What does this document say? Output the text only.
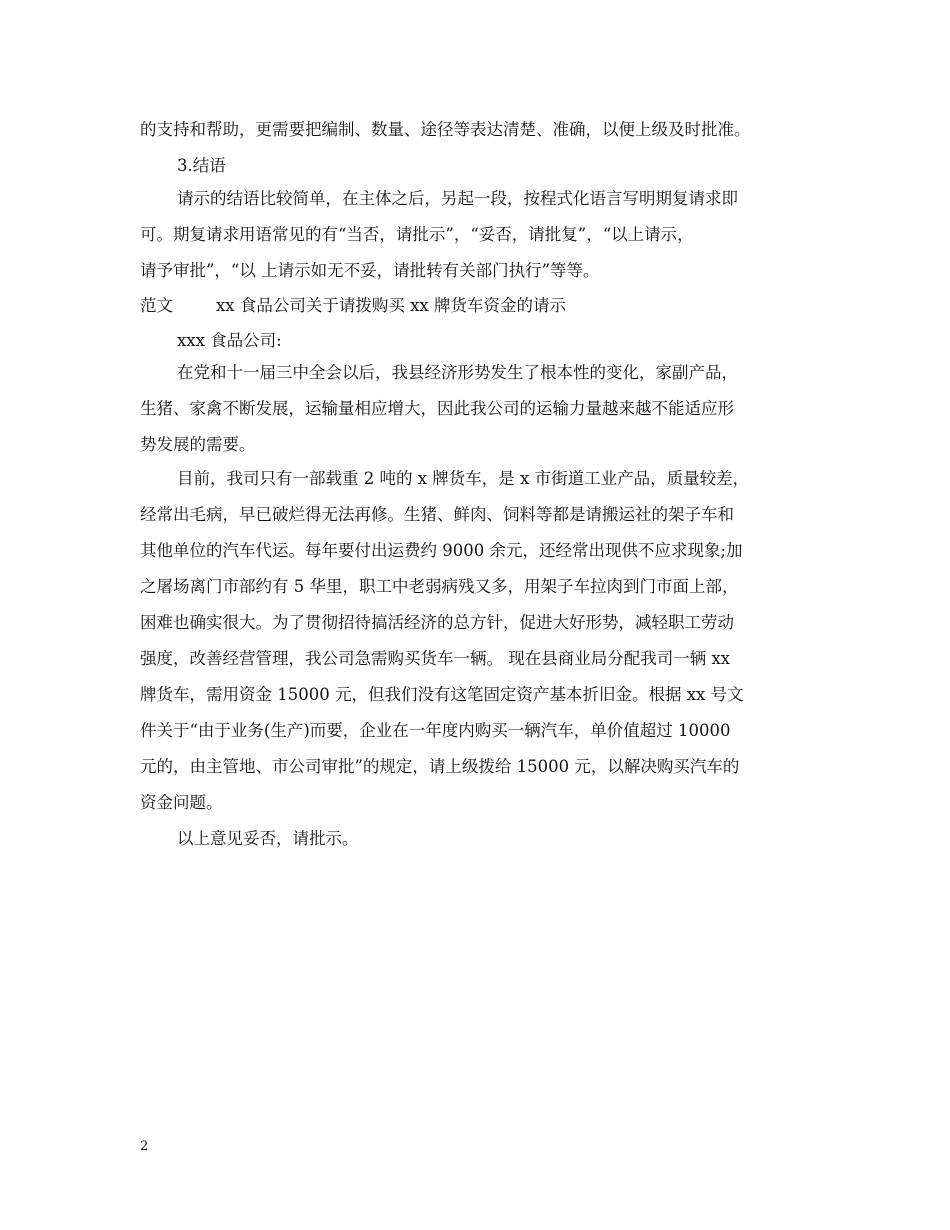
的支持和帮助，更需要把编制、数量、途径等表达清楚、准确，以便上级及时批准。

3.结语

请示的结语比较简单，在主体之后，另起一段，按程式化语言写明期复请求即

可。期复请求用语常见的有“当否，请批示”，“妥否，请批复”，“以上请示，

请予审批”，“以 上请示如无不妥，请批转有关部门执行”等等。

范文	xx 食品公司关于请拨购买 xx 牌货车资金的请示

xxx 食品公司:

在党和十一届三中全会以后，我县经济形势发生了根本性的变化，家副产品，

生猪、家禽不断发展，运输量相应增大，因此我公司的运输力量越来越不能适应形

势发展的需要。

目前，我司只有一部载重 2 吨的 x 牌货车，是 x 市街道工业产品，质量较差，

经常出毛病，早已破烂得无法再修。生猪、鲜肉、饲料等都是请搬运社的架子车和

其他单位的汽车代运。每年要付出运费约 9000 余元，还经常出现供不应求现象;加

之屠场离门市部约有 5 华里，职工中老弱病残又多，用架子车拉肉到门市面上部，

困难也确实很大。为了贯彻招待搞活经济的总方针，促进大好形势，减轻职工劳动

强度，改善经营管理，我公司急需购买货车一辆。 现在县商业局分配我司一辆 xx

牌货车，需用资金 15000 元，但我们没有这笔固定资产基本折旧金。根据 xx 号文

件关于“由于业务(生产)而要，企业在一年度内购买一辆汽车，单价值超过 10000

元的，由主管地、市公司审批”的规定，请上级拨给 15000 元，以解决购买汽车的

资金问题。

以上意见妥否，请批示。

2
